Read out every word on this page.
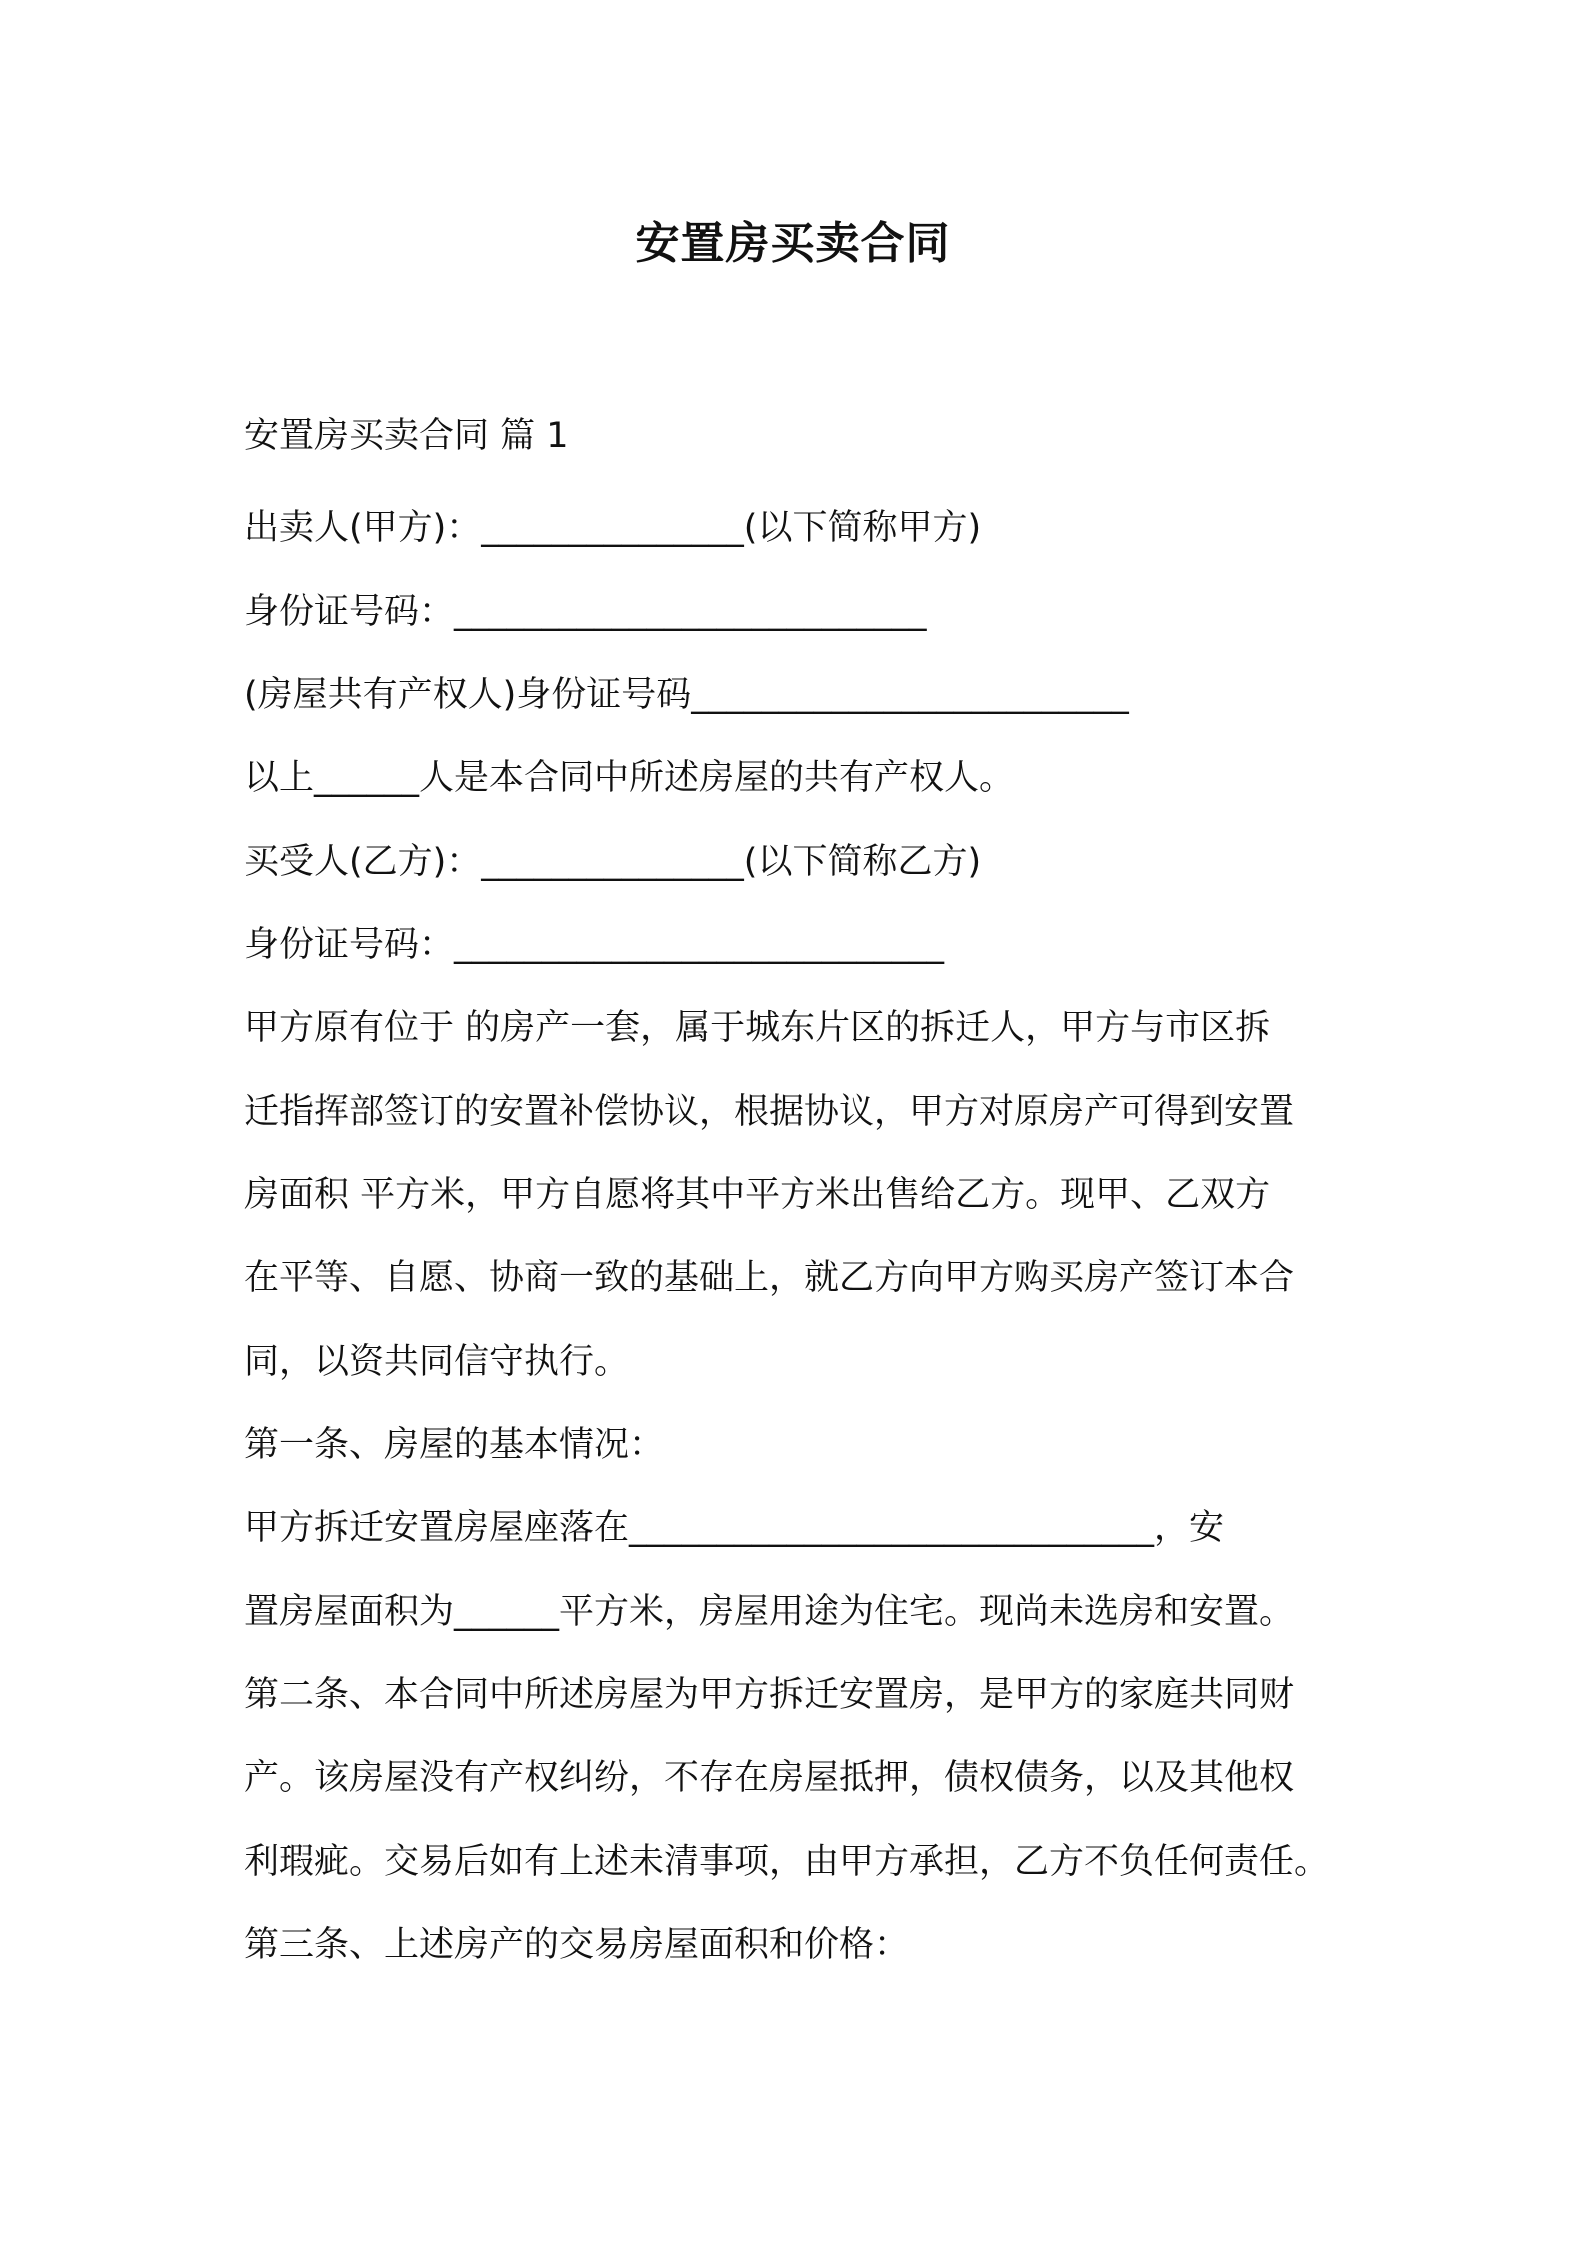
安置房买卖合同
安置房买卖合同 篇 1
出卖人(甲方)：_______________(以下简称甲方)
身份证号码：___________________________
(房屋共有产权人)身份证号码_________________________
以上______人是本合同中所述房屋的共有产权人。
买受人(乙方)：_______________(以下简称乙方)
身份证号码：____________________________
甲方原有位于 的房产一套，属于城东片区的拆迁人，甲方与市区拆
迁指挥部签订的安置补偿协议，根据协议，甲方对原房产可得到安置
房面积 平方米，甲方自愿将其中平方米出售给乙方。现甲、乙双方
在平等、自愿、协商一致的基础上，就乙方向甲方购买房产签订本合
同，以资共同信守执行。
第一条、房屋的基本情况：
甲方拆迁安置房屋座落在______________________________，安
置房屋面积为______平方米，房屋用途为住宅。现尚未选房和安置。
第二条、本合同中所述房屋为甲方拆迁安置房，是甲方的家庭共同财
产。该房屋没有产权纠纷，不存在房屋抵押，债权债务，以及其他权
利瑕疵。交易后如有上述未清事项，由甲方承担，乙方不负任何责任。
第三条、上述房产的交易房屋面积和价格：
